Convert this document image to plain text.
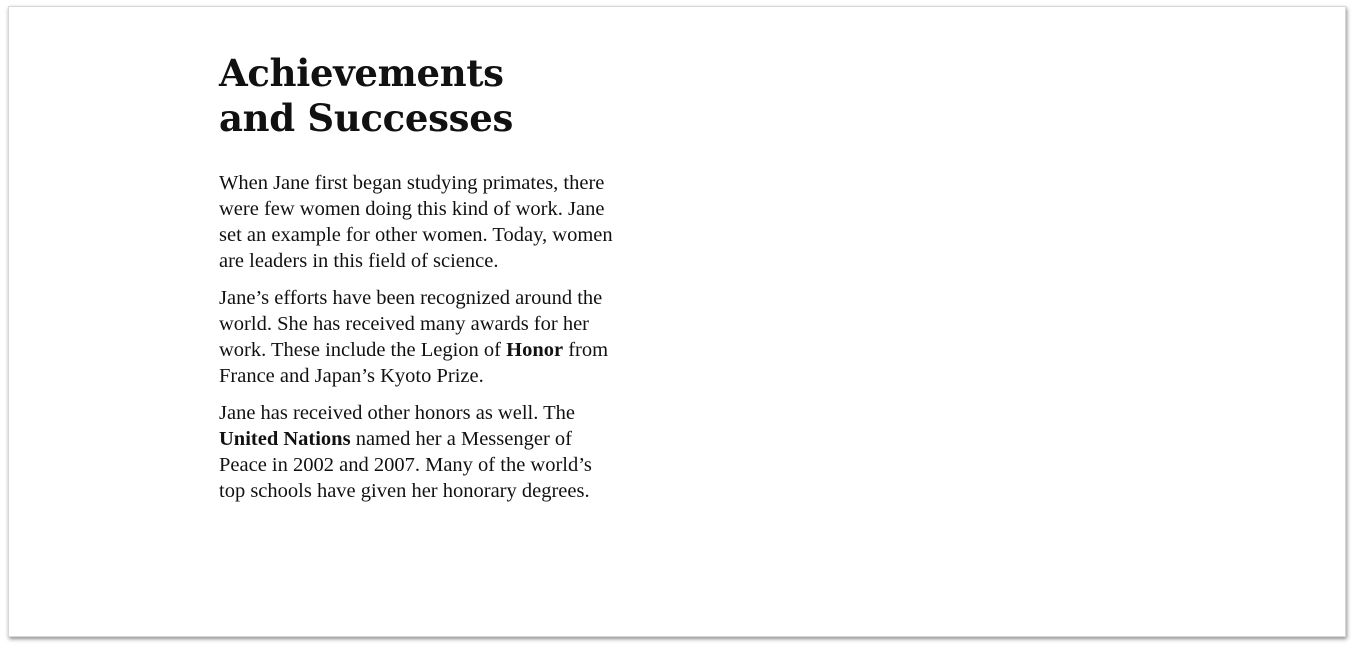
Achievements
and Successes

When Jane first began studying primates, there
were few women doing this kind of work. Jane
set an example for other women. Today, women
are leaders in this field of science.

Jane’s efforts have been recognized around the
world. She has received many awards for her
work. These include the Legion of Honor from
France and Japan’s Kyoto Prize.

Jane has received other honors as well. The
United Nations named her a Messenger of
Peace in 2002 and 2007. Many of the world’s
top schools have given her honorary degrees.
